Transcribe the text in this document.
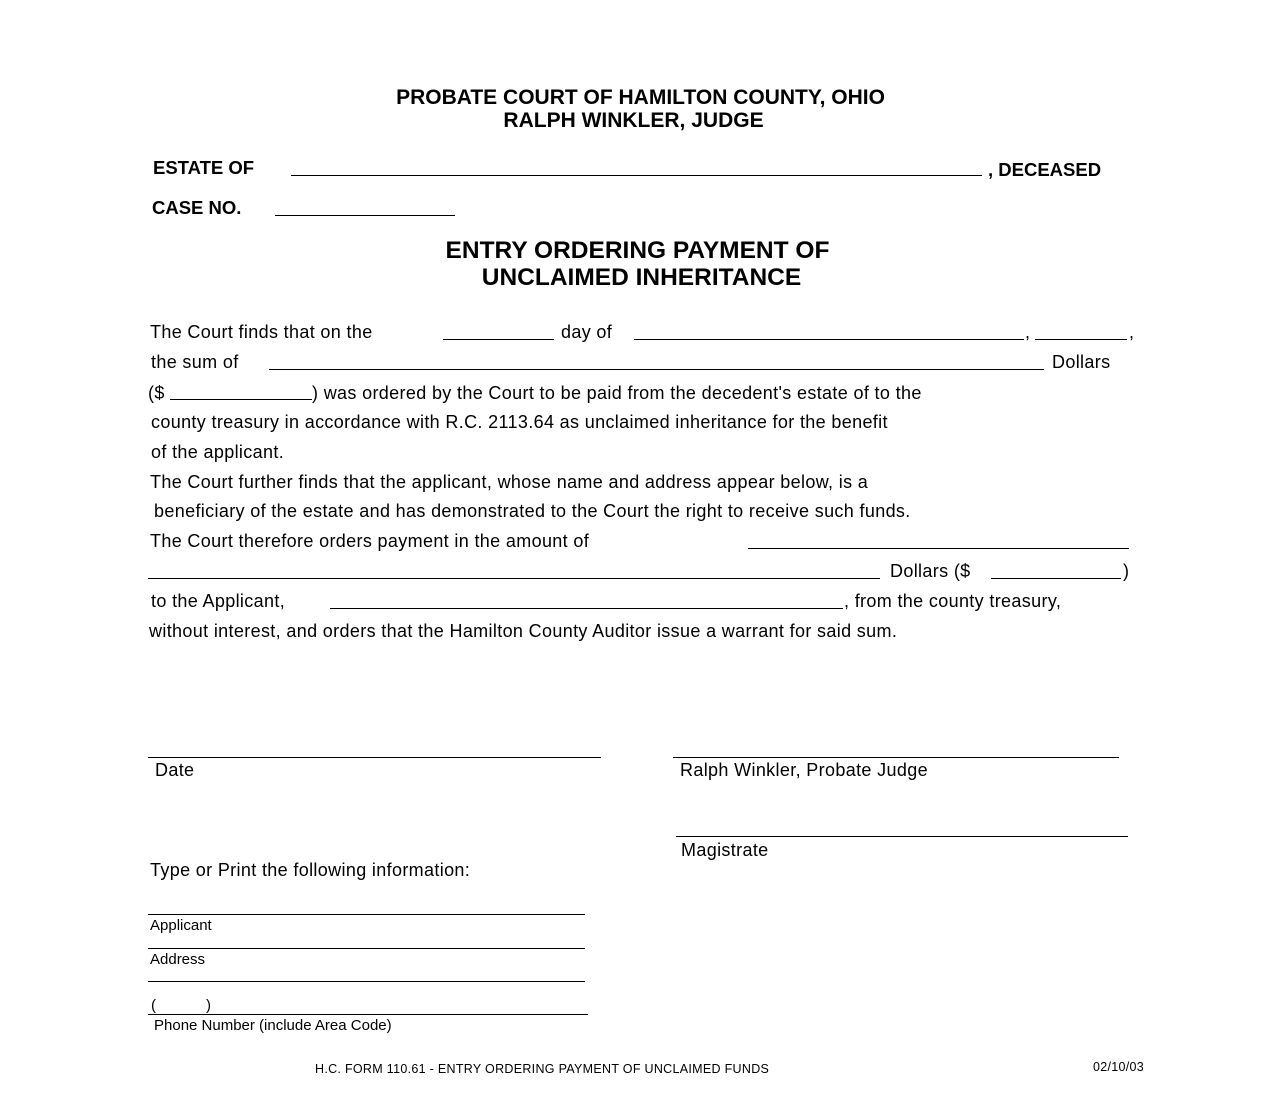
PROBATE COURT OF HAMILTON COUNTY, OHIO
RALPH WINKLER, JUDGE
ESTATE OF	, DECEASED
CASE NO.
ENTRY ORDERING PAYMENT OF
UNCLAIMED INHERITANCE
The Court finds that on the	day of	,	,
the sum of	Dollars
($	) was ordered by the Court to be paid from the decedent's estate of to the
county treasury in accordance with R.C. 2113.64 as unclaimed inheritance for the benefit
of the applicant.
The Court further finds that the applicant, whose name and address appear below, is a
beneficiary of the estate and has demonstrated to the Court the right to receive such funds.
The Court therefore orders payment in the amount of
Dollars ($	)
to the Applicant,	, from the county treasury,
without interest, and orders that the Hamilton County Auditor issue a warrant for said sum.
Date	Ralph Winkler, Probate Judge
Magistrate
Type or Print the following information:
Applicant
Address
(            )
Phone Number (include Area Code)
H.C. FORM 110.61 - ENTRY ORDERING PAYMENT OF UNCLAIMED FUNDS	02/10/03
